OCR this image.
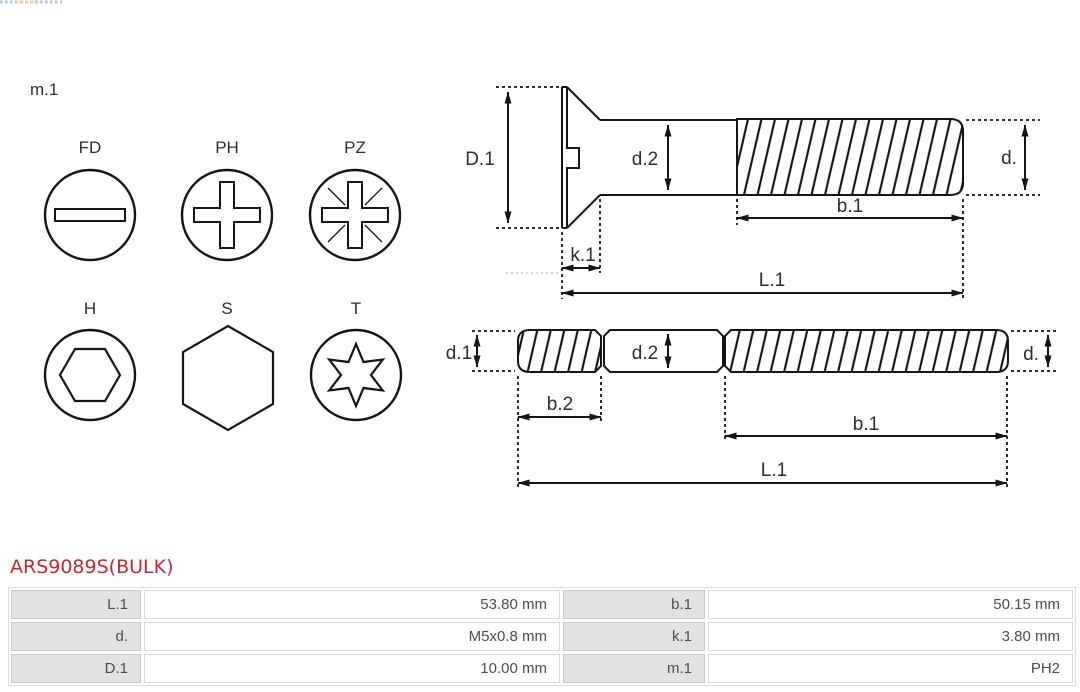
m.1
FD	PH	PZ
H	S	T
D.1	d.2	d.
b.1
k.1
L.1
d.1	d.2	d.
b.2
b.1
L.1
ARS9089S(BULK)
L.1	53.80 mm	b.1	50.15 mm
d.	M5x0.8 mm	k.1	3.80 mm
D.1	10.00 mm	m.1	PH2
